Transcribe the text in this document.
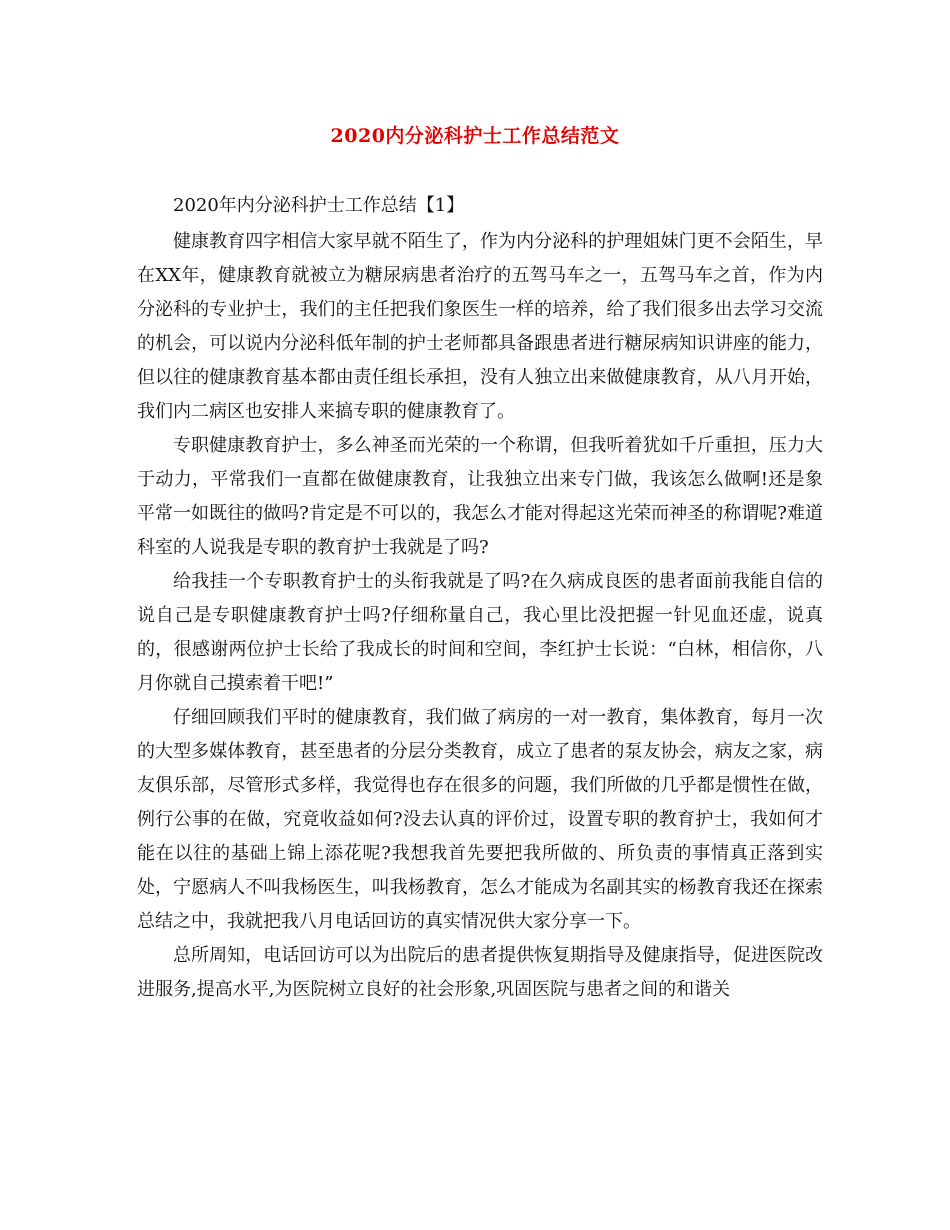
2020内分泌科护士工作总结范文

2020年内分泌科护士工作总结【1】

健康教育四字相信大家早就不陌生了，作为内分泌科的护理姐妹门更不会陌生，早在XX年，健康教育就被立为糖尿病患者治疗的五驾马车之一，五驾马车之首，作为内分泌科的专业护士，我们的主任把我们象医生一样的培养，给了我们很多出去学习交流的机会，可以说内分泌科低年制的护士老师都具备跟患者进行糖尿病知识讲座的能力，但以往的健康教育基本都由责任组长承担，没有人独立出来做健康教育，从八月开始，我们内二病区也安排人来搞专职的健康教育了。

专职健康教育护士，多么神圣而光荣的一个称谓，但我听着犹如千斤重担，压力大于动力，平常我们一直都在做健康教育，让我独立出来专门做，我该怎么做啊!还是象平常一如既往的做吗?肯定是不可以的，我怎么才能对得起这光荣而神圣的称谓呢?难道科室的人说我是专职的教育护士我就是了吗?

给我挂一个专职教育护士的头衔我就是了吗?在久病成良医的患者面前我能自信的说自己是专职健康教育护士吗?仔细称量自己，我心里比没把握一针见血还虚，说真的，很感谢两位护士长给了我成长的时间和空间，李红护士长说：“白林，相信你，八月你就自己摸索着干吧!”

仔细回顾我们平时的健康教育，我们做了病房的一对一教育，集体教育，每月一次的大型多媒体教育，甚至患者的分层分类教育，成立了患者的泵友协会，病友之家，病友俱乐部，尽管形式多样，我觉得也存在很多的问题，我们所做的几乎都是惯性在做，例行公事的在做，究竟收益如何?没去认真的评价过，设置专职的教育护士，我如何才能在以往的基础上锦上添花呢?我想我首先要把我所做的、所负责的事情真正落到实处，宁愿病人不叫我杨医生，叫我杨教育，怎么才能成为名副其实的杨教育我还在探索总结之中，我就把我八月电话回访的真实情况供大家分享一下。

总所周知，电话回访可以为出院后的患者提供恢复期指导及健康指导，促进医院改进服务,提高水平,为医院树立良好的社会形象,巩固医院与患者之间的和谐关
